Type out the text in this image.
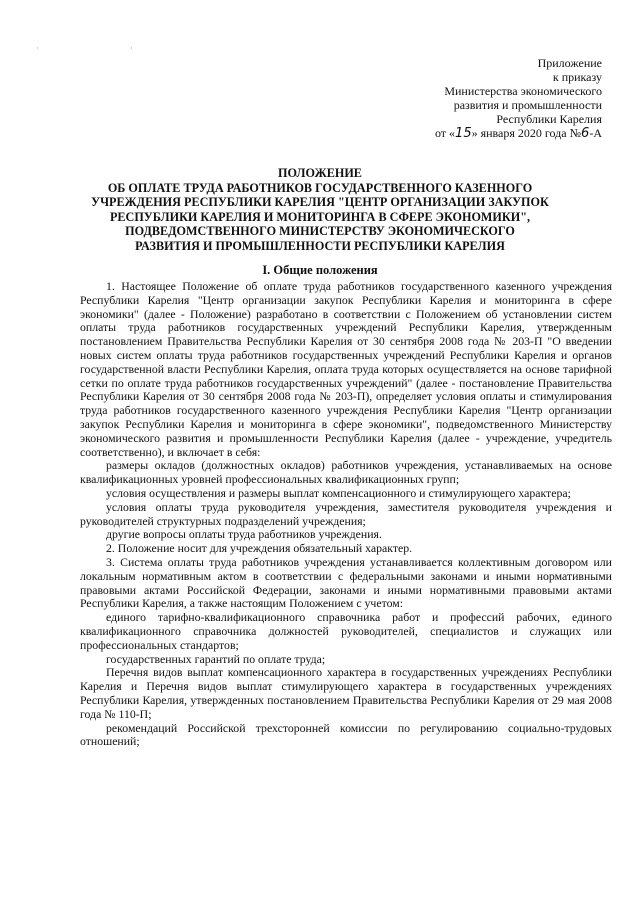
·  ·
Приложение
к приказу
Министерства экономического
развития и промышленности
Республики Карелия
от «15» января 2020 года №6-А
ПОЛОЖЕНИЕ
ОБ ОПЛАТЕ ТРУДА РАБОТНИКОВ ГОСУДАРСТВЕННОГО КАЗЕННОГО
УЧРЕЖДЕНИЯ РЕСПУБЛИКИ КАРЕЛИЯ "ЦЕНТР ОРГАНИЗАЦИИ ЗАКУПОК
РЕСПУБЛИКИ КАРЕЛИЯ И МОНИТОРИНГА В СФЕРЕ ЭКОНОМИКИ",
ПОДВЕДОМСТВЕННОГО МИНИСТЕРСТВУ ЭКОНОМИЧЕСКОГО
РАЗВИТИЯ И ПРОМЫШЛЕННОСТИ РЕСПУБЛИКИ КАРЕЛИЯ
I. Общие положения

1. Настоящее Положение об оплате труда работников государственного казенного учреждения Республики Карелия "Центр организации закупок Республики Карелия и мониторинга в сфере экономики" (далее - Положение) разработано в соответствии с Положением об установлении систем оплаты труда работников государственных учреждений Республики Карелия, утвержденным постановлением Правительства Республики Карелия от 30 сентября 2008 года № 203-П "О введении новых систем оплаты труда работников государственных учреждений Республики Карелия и органов государственной власти Республики Карелия, оплата труда которых осуществляется на основе тарифной сетки по оплате труда работников государственных учреждений" (далее - постановление Правительства Республики Карелия от 30 сентября 2008 года № 203-П), определяет условия оплаты и стимулирования труда работников государственного казенного учреждения Республики Карелия "Центр организации закупок Республики Карелия и мониторинга в сфере экономики", подведомственного Министерству экономического развития и промышленности Республики Карелия (далее - учреждение, учредитель соответственно), и включает в себя:

размеры окладов (должностных окладов) работников учреждения, устанавливаемых на основе квалификационных уровней профессиональных квалификационных групп;

условия осуществления и размеры выплат компенсационного и стимулирующего характера;

условия оплаты труда руководителя учреждения, заместителя руководителя учреждения и руководителей структурных подразделений учреждения;

другие вопросы оплаты труда работников учреждения.

2. Положение носит для учреждения обязательный характер.

3. Система оплаты труда работников учреждения устанавливается коллективным договором или локальным нормативным актом в соответствии с федеральными законами и иными нормативными правовыми актами Российской Федерации, законами и иными нормативными правовыми актами Республики Карелия, а также настоящим Положением с учетом:

единого тарифно-квалификационного справочника работ и профессий рабочих, единого квалификационного справочника должностей руководителей, специалистов и служащих или профессиональных стандартов;

государственных гарантий по оплате труда;

Перечня видов выплат компенсационного характера в государственных учреждениях Республики Карелия и Перечня видов выплат стимулирующего характера в государственных учреждениях Республики Карелия, утвержденных постановлением Правительства Республики Карелия от 29 мая 2008 года № 110-П;

рекомендаций Российской трехсторонней комиссии по регулированию социально-трудовых отношений;
